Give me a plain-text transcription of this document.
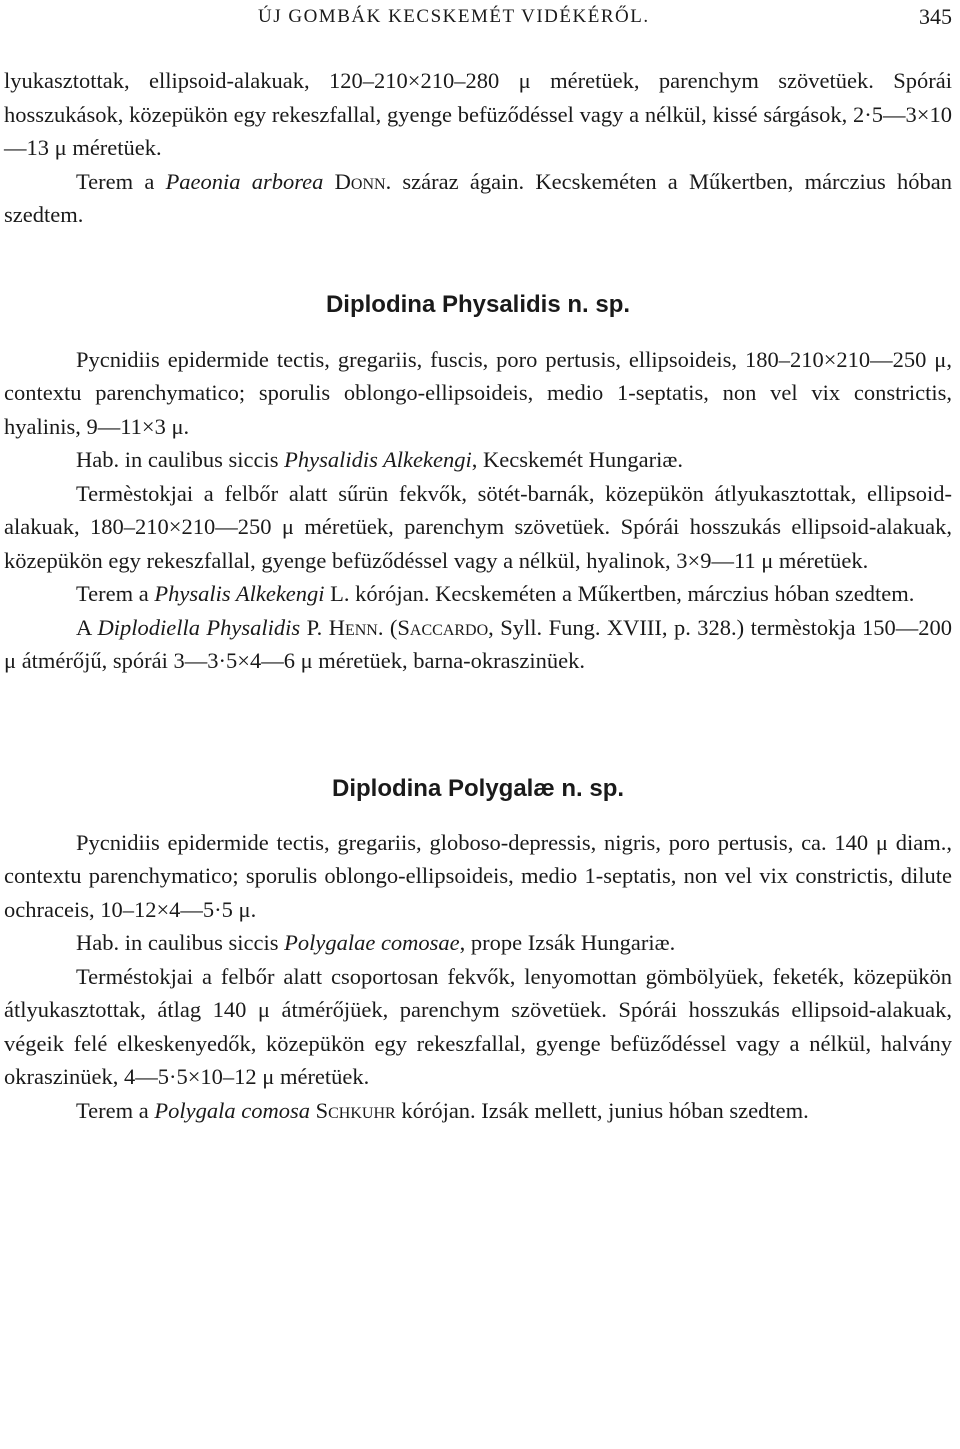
ÚJ GOMBÁK KECSKEMÉT VIDÉKÉRŐL.	345

lyukasztottak, ellipsoid-alakuak, 120–210×210–280 μ méretüek, parenchym szövetüek. Spórái hosszukások, közepükön egy rekeszfallal, gyenge befüződéssel vagy a nélkül, kissé sárgások, 2·5—3×10—13 μ méretüek.

Terem a Paeonia arborea Donn. száraz ágain. Kecskeméten a Műkertben, márczius hóban szedtem.

Diplodina Physalidis n. sp.

Pycnidiis epidermide tectis, gregariis, fuscis, poro pertusis, ellipsoideis, 180–210×210—250 μ, contextu parenchymatico; sporulis oblongo-ellipsoideis, medio 1-septatis, non vel vix constrictis, hyalinis, 9—11×3 μ.

Hab. in caulibus siccis Physalidis Alkekengi, Kecskemét Hungariæ.

Termèstokjai a felbőr alatt sűrün fekvők, sötét-barnák, közepükön átlyukasztottak, ellipsoid-alakuak, 180–210×210—250 μ méretüek, parenchym szövetüek. Spórái hosszukás ellipsoid-alakuak, közepükön egy rekeszfallal, gyenge befüződéssel vagy a nélkül, hyalinok, 3×9—11 μ méretüek.

Terem a Physalis Alkekengi L. kórójan. Kecskeméten a Műkertben, márczius hóban szedtem.

A Diplodiella Physalidis P. Henn. (Saccardo, Syll. Fung. XVIII, p. 328.) termèstokja 150—200 μ átmérőjű, spórái 3—3·5×4—6 μ méretüek, barna-okraszinüek.

Diplodina Polygalæ n. sp.

Pycnidiis epidermide tectis, gregariis, globoso-depressis, nigris, poro pertusis, ca. 140 μ diam., contextu parenchymatico; sporulis oblongo-ellipsoideis, medio 1-septatis, non vel vix constrictis, dilute ochraceis, 10–12×4—5·5 μ.

Hab. in caulibus siccis Polygalae comosae, prope Izsák Hungariæ.

Terméstokjai a felbőr alatt csoportosan fekvők, lenyomottan gömbölyüek, feketék, közepükön átlyukasztottak, átlag 140 μ átmérőjüek, parenchym szövetüek. Spórái hosszukás ellipsoid-alakuak, végeik felé elkeskenyedők, közepükön egy rekeszfallal, gyenge befüződéssel vagy a nélkül, halvány okraszinüek, 4—5·5×10–12 μ méretüek.

Terem a Polygala comosa Schkuhr kórójan. Izsák mellett, junius hóban szedtem.
